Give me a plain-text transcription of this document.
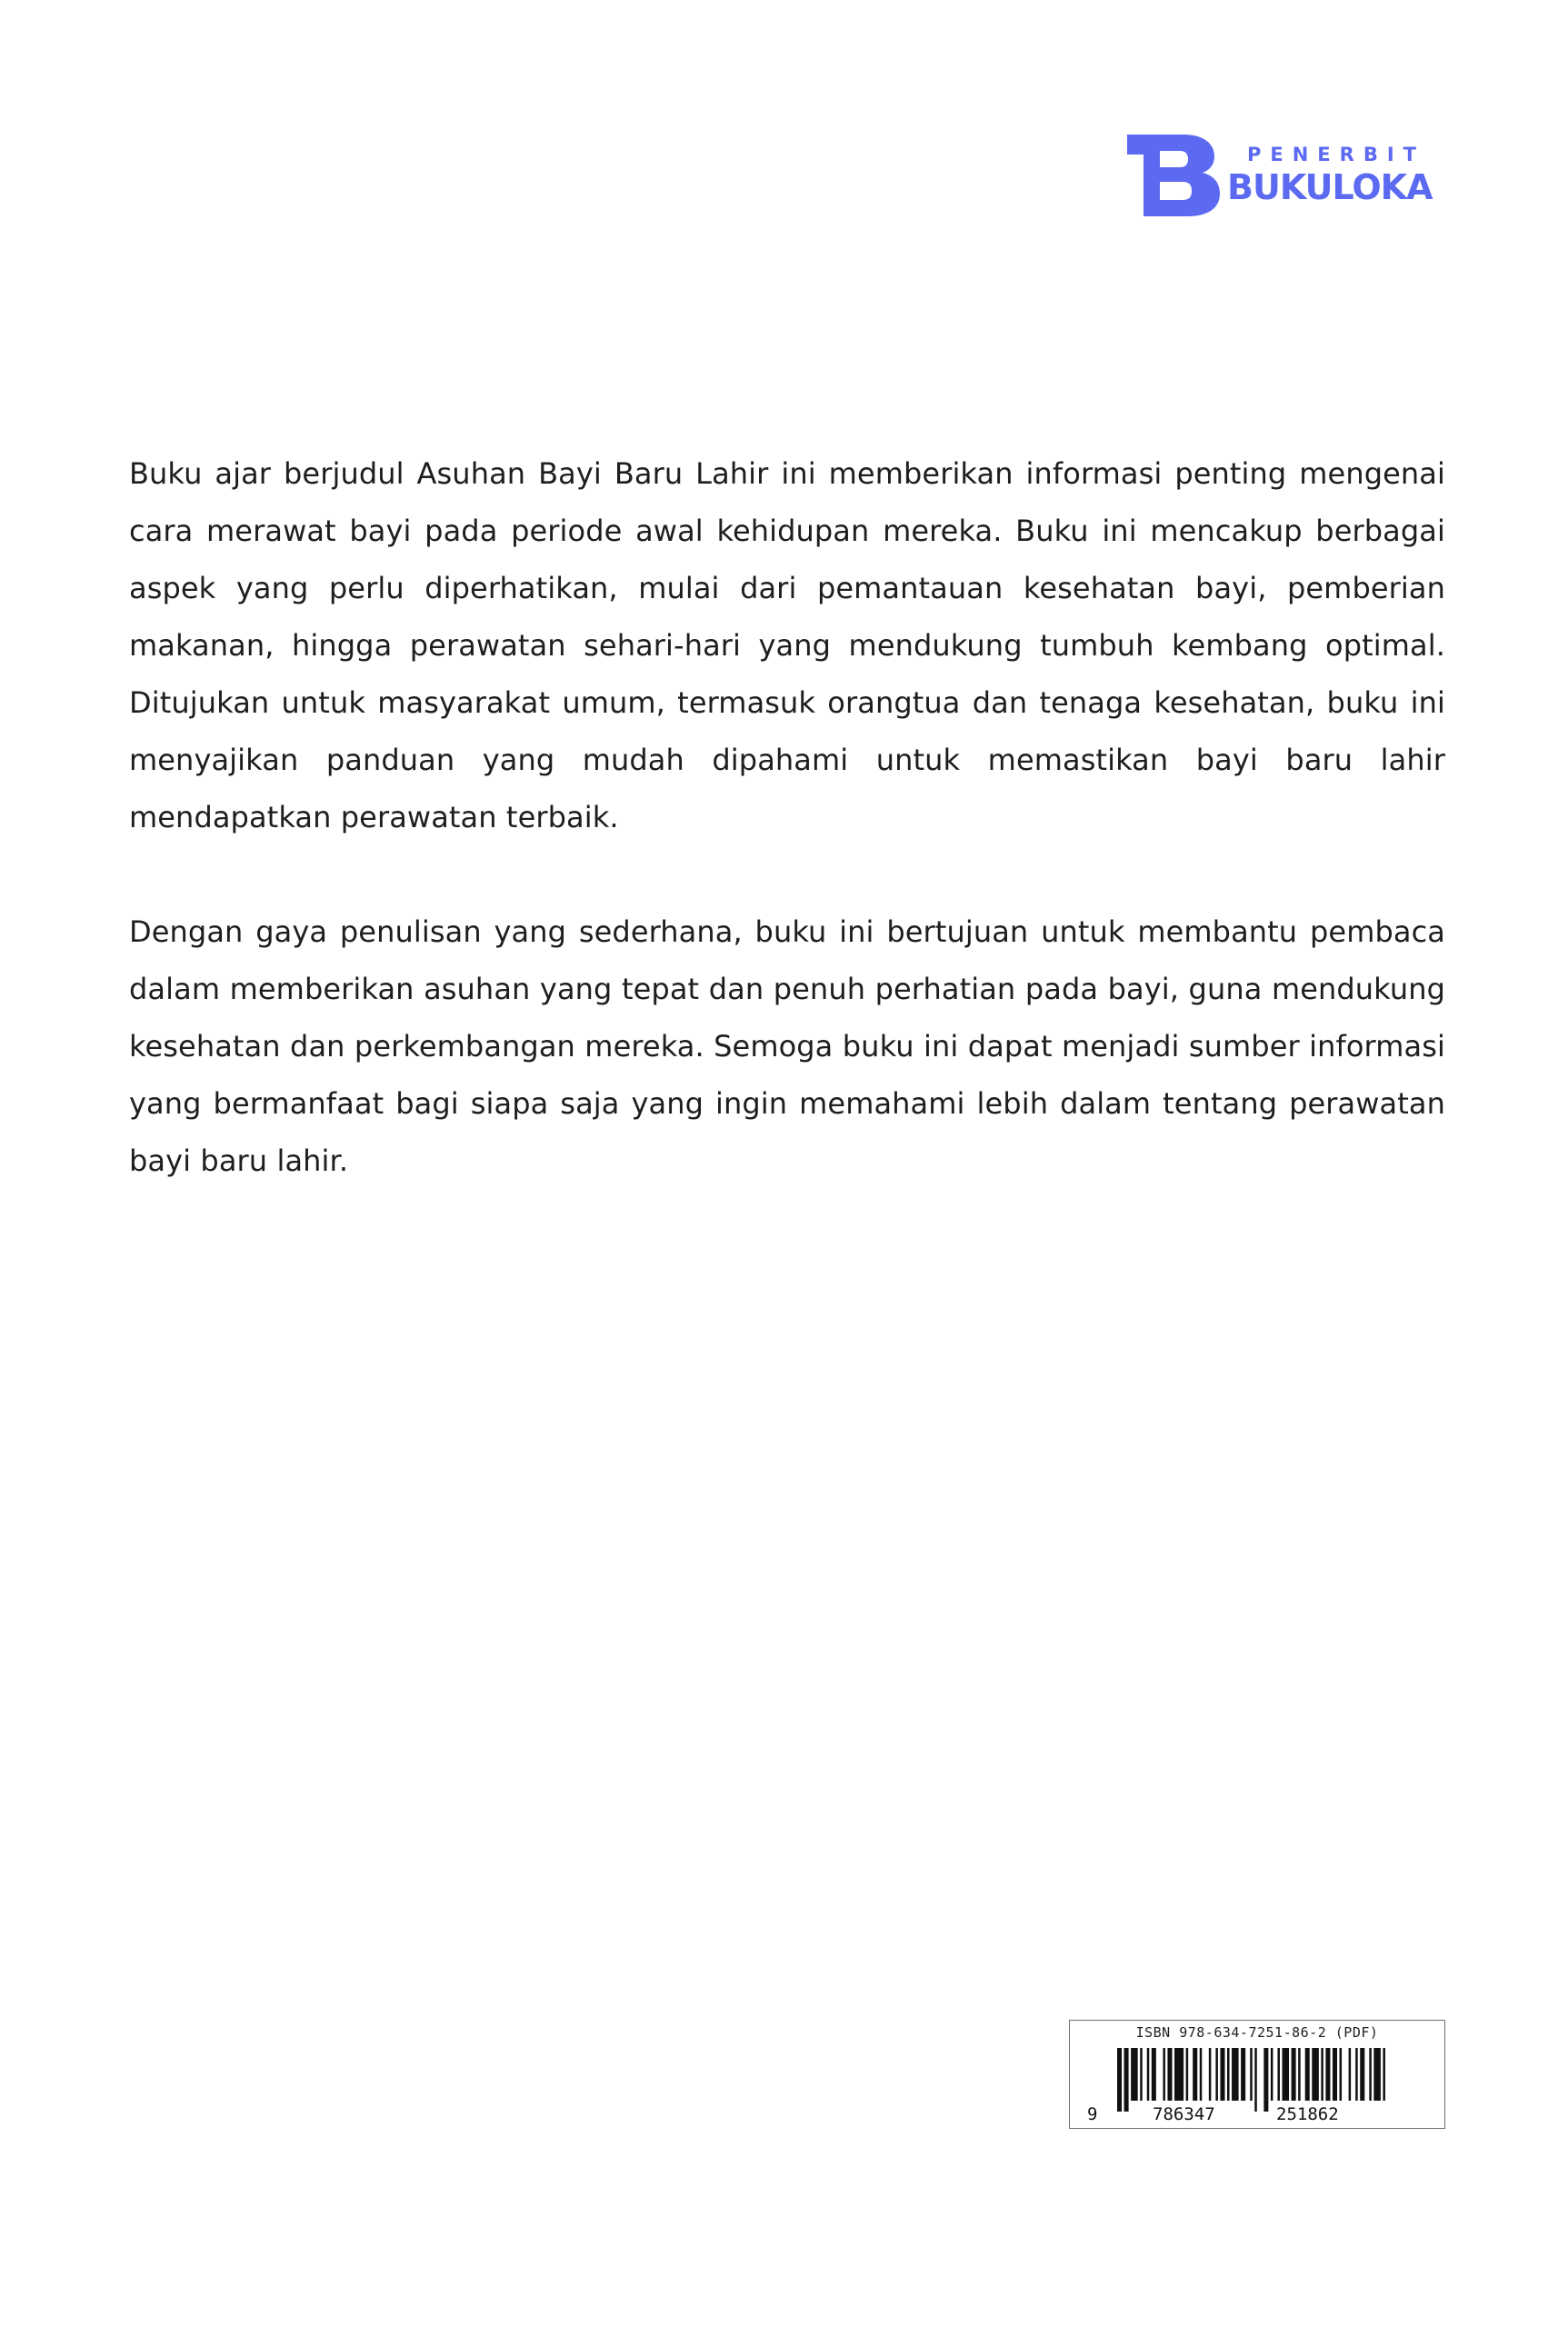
PENERBIT
BUKULOKA

Buku ajar berjudul Asuhan Bayi Baru Lahir ini memberikan informasi penting mengenai cara merawat bayi pada periode awal kehidupan mereka. Buku ini mencakup berbagai aspek yang perlu diperhatikan, mulai dari pemantauan kesehatan bayi, pemberian makanan, hingga perawatan sehari-hari yang mendukung tumbuh kembang optimal. Ditujukan untuk masyarakat umum, termasuk orangtua dan tenaga kesehatan, buku ini menyajikan panduan yang mudah dipahami untuk memastikan bayi baru lahir mendapatkan perawatan terbaik.

Dengan gaya penulisan yang sederhana, buku ini bertujuan untuk membantu pembaca dalam memberikan asuhan yang tepat dan penuh perhatian pada bayi, guna mendukung kesehatan dan perkembangan mereka. Semoga buku ini dapat menjadi sumber informasi yang bermanfaat bagi siapa saja yang ingin memahami lebih dalam tentang perawatan bayi baru lahir.

ISBN 978-634-7251-86-2 (PDF)
9	786347	251862
